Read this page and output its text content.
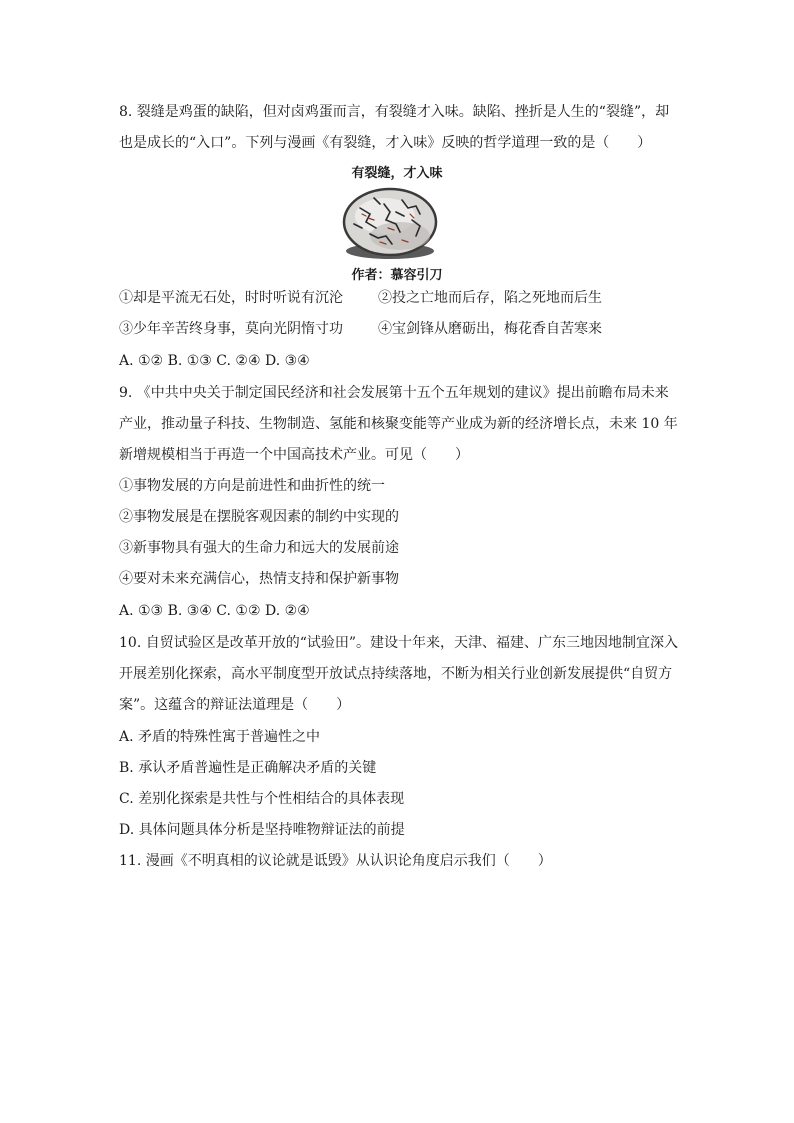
8. 裂缝是鸡蛋的缺陷，但对卤鸡蛋而言，有裂缝才入味。缺陷、挫折是人生的“裂缝”，却
也是成长的“入口”。下列与漫画《有裂缝，才入味》反映的哲学道理一致的是（　　）
有裂缝，才入味
作者：慕容引刀
①却是平流无石处，时时听说有沉沦	②投之亡地而后存，陷之死地而后生
③少年辛苦终身事，莫向光阴惰寸功	④宝剑锋从磨砺出，梅花香自苦寒来
A. ①② B. ①③ C. ②④ D. ③④
9. 《中共中央关于制定国民经济和社会发展第十五个五年规划的建议》提出前瞻布局未来
产业，推动量子科技、生物制造、氢能和核聚变能等产业成为新的经济增长点，未来 10 年
新增规模相当于再造一个中国高技术产业。可见（　　）
①事物发展的方向是前进性和曲折性的统一
②事物发展是在摆脱客观因素的制约中实现的
③新事物具有强大的生命力和远大的发展前途
④要对未来充满信心，热情支持和保护新事物
A. ①③ B. ③④ C. ①② D. ②④
10. 自贸试验区是改革开放的“试验田”。建设十年来，天津、福建、广东三地因地制宜深入
开展差别化探索，高水平制度型开放试点持续落地，不断为相关行业创新发展提供“自贸方
案”。这蕴含的辩证法道理是（　　）
A. 矛盾的特殊性寓于普遍性之中
B. 承认矛盾普遍性是正确解决矛盾的关键
C. 差别化探索是共性与个性相结合的具体表现
D. 具体问题具体分析是坚持唯物辩证法的前提
11. 漫画《不明真相的议论就是诋毁》从认识论角度启示我们（　　）
